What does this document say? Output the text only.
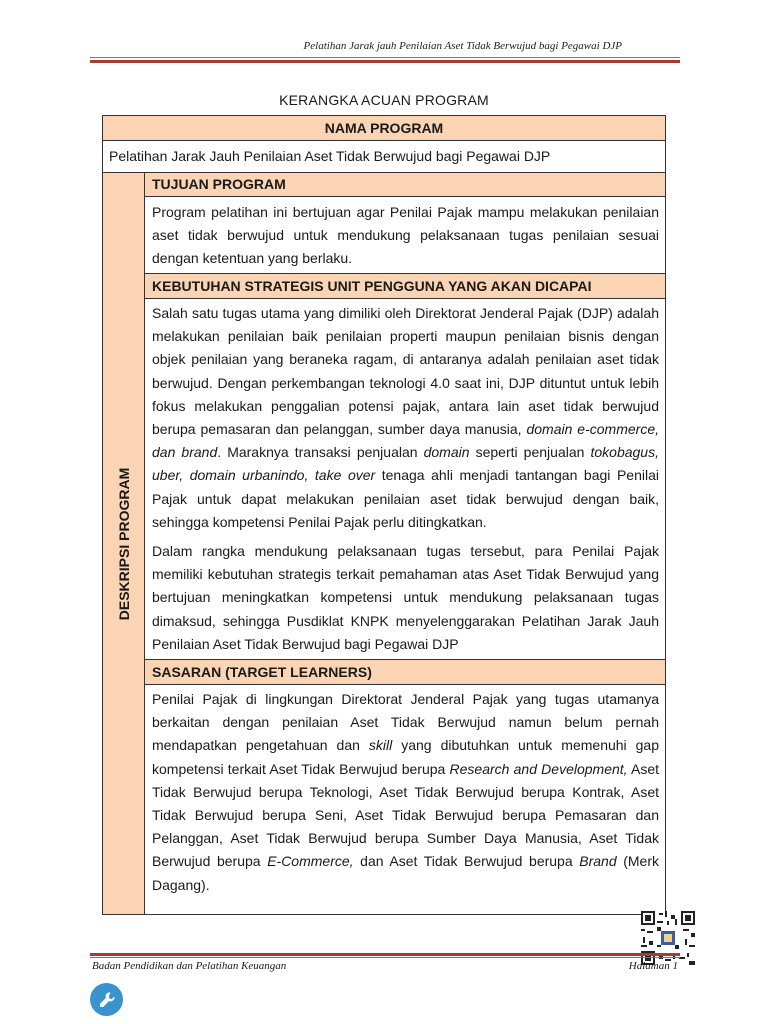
Pelatihan Jarak jauh Penilaian Aset Tidak Berwujud bagi Pegawai DJP
KERANGKA ACUAN PROGRAM
NAMA PROGRAM
Pelatihan Jarak Jauh Penilaian Aset Tidak Berwujud bagi Pegawai DJP
DESKRIPSI PROGRAM
TUJUAN PROGRAM

Program pelatihan ini bertujuan agar Penilai Pajak mampu melakukan penilaian aset tidak berwujud untuk mendukung pelaksanaan tugas penilaian sesuai dengan ketentuan yang berlaku.

KEBUTUHAN STRATEGIS UNIT PENGGUNA YANG AKAN DICAPAI

Salah satu tugas utama yang dimiliki oleh Direktorat Jenderal Pajak (DJP) adalah melakukan penilaian baik penilaian properti maupun penilaian bisnis dengan objek penilaian yang beraneka ragam, di antaranya adalah penilaian aset tidak berwujud. Dengan perkembangan teknologi 4.0 saat ini, DJP dituntut untuk lebih fokus melakukan penggalian potensi pajak, antara lain aset tidak berwujud berupa pemasaran dan pelanggan, sumber daya manusia, domain e-commerce, dan brand. Maraknya transaksi penjualan domain seperti penjualan tokobagus, uber, domain urbanindo, take over tenaga ahli menjadi tantangan bagi Penilai Pajak untuk dapat melakukan penilaian aset tidak berwujud dengan baik, sehingga kompetensi Penilai Pajak perlu ditingkatkan.

Dalam rangka mendukung pelaksanaan tugas tersebut, para Penilai Pajak memiliki kebutuhan strategis terkait pemahaman atas Aset Tidak Berwujud yang bertujuan meningkatkan kompetensi untuk mendukung pelaksanaan tugas dimaksud, sehingga Pusdiklat KNPK menyelenggarakan Pelatihan Jarak Jauh Penilaian Aset Tidak Berwujud bagi Pegawai DJP

SASARAN (TARGET LEARNERS)

Penilai Pajak di lingkungan Direktorat Jenderal Pajak yang tugas utamanya berkaitan dengan penilaian Aset Tidak Berwujud namun belum pernah mendapatkan pengetahuan dan skill yang dibutuhkan untuk memenuhi gap kompetensi terkait Aset Tidak Berwujud berupa Research and Development, Aset Tidak Berwujud berupa Teknologi, Aset Tidak Berwujud berupa Kontrak, Aset Tidak Berwujud berupa Seni, Aset Tidak Berwujud berupa Pemasaran dan Pelanggan, Aset Tidak Berwujud berupa Sumber Daya Manusia, Aset Tidak Berwujud berupa E-Commerce, dan Aset Tidak Berwujud berupa Brand (Merk Dagang).

Badan Pendidikan dan Pelatihan Keuangan	Halaman 1
